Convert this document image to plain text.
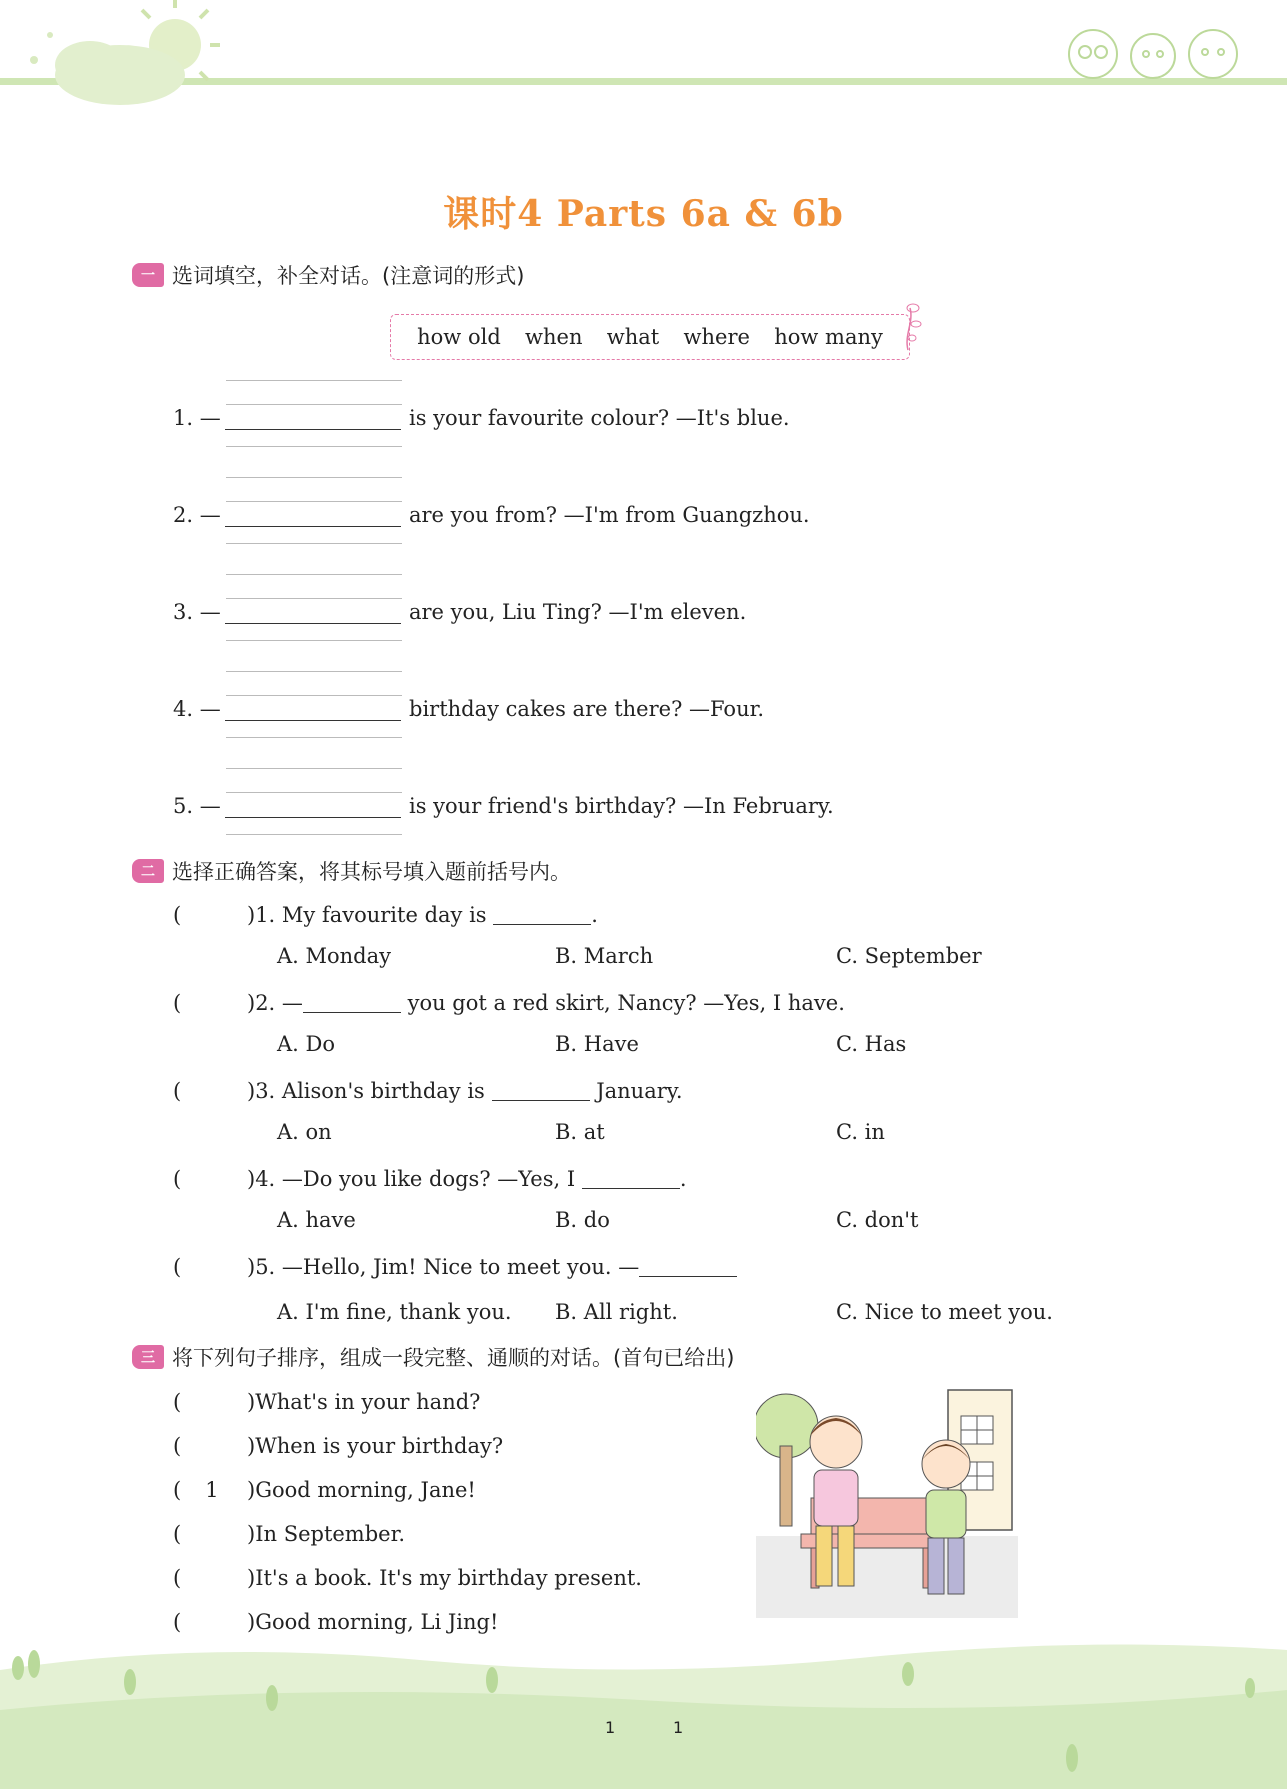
课时4 Parts 6a & 6b
一 选词填空，补全对话。(注意词的形式)
how old when what where how many
1. —	is your favourite colour? —It's blue.
2. —	are you from? —I'm from Guangzhou.
3. —	are you, Liu Ting? —I'm eleven.
4. —	birthday cakes are there? —Four.
5. —	is your friend's birthday? —In February.
二 选择正确答案，将其标号填入题前括号内。
(	)1. My favourite day is
	.
A. Monday	B. March	C. September
(	)2. —
	you got a red skirt, Nancy? —Yes, I have.
A. Do	B. Have	C. Has
(	)3. Alison's birthday is

	January.
A. on	B. at	C. in
(	)4. —Do you like dogs? —Yes, I
	.
A. have	B. do	C. don't
(	)5. —Hello, Jim! Nice to meet you. —
A. I'm fine, thank you. B. All right.	C. Nice to meet you.
三 将下列句子排序，组成一段完整、通顺的对话。(首句已给出)
(	)What's in your hand?
(	)When is your birthday?
( 1	)Good morning, Jane!
(	)In September.
(	)It's a book. It's my birthday present.
(	)Good morning, Li Jing!
1	1
